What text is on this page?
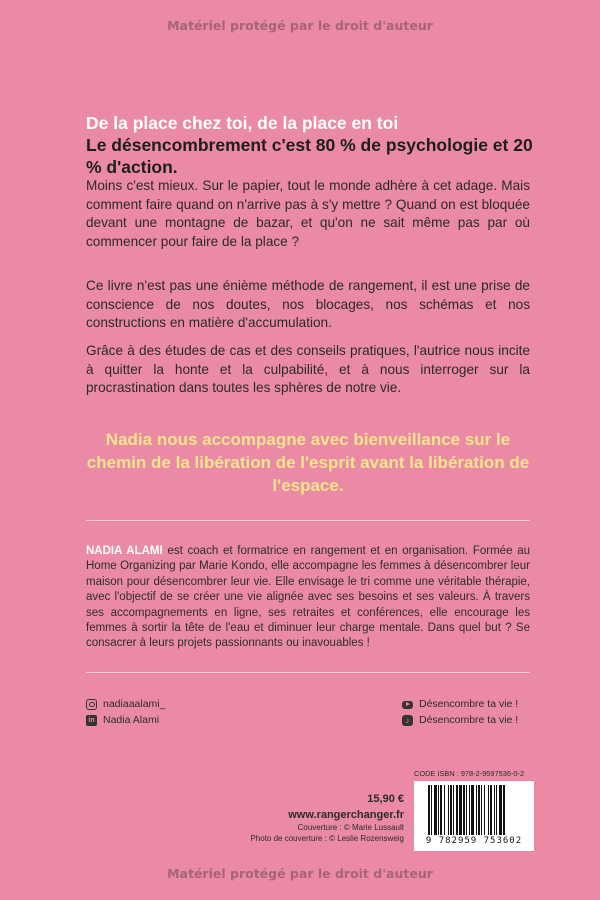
Matériel protégé par le droit d'auteur
De la place chez toi, de la place en toi
Le désencombrement c'est 80 % de psychologie et 20 % d'action.
Moins c'est mieux. Sur le papier, tout le monde adhère à cet adage. Mais comment faire quand on n'arrive pas à s'y mettre ? Quand on est bloquée devant une montagne de bazar, et qu'on ne sait même pas par où commencer pour faire de la place ?
Ce livre n'est pas une énième méthode de rangement, il est une prise de conscience de nos doutes, nos blocages, nos schémas et nos constructions en matière d'accumulation.
Grâce à des études de cas et des conseils pratiques, l'autrice nous incite à quitter la honte et la culpabilité, et à nous interroger sur la procrastination dans toutes les sphères de notre vie.
Nadia nous accompagne avec bienveillance sur le chemin de la libération de l'esprit avant la libération de l'espace.
NADIA ALAMI est coach et formatrice en rangement et en organisation. Formée au Home Organizing par Marie Kondo, elle accompagne les femmes à désencombrer leur maison pour désencombrer leur vie. Elle envisage le tri comme une véritable thérapie, avec l'objectif de se créer une vie alignée avec ses besoins et ses valeurs. À travers ses accompagnements en ligne, ses retraites et conférences, elle encourage les femmes à sortir la tête de l'eau et diminuer leur charge mentale. Dans quel but ? Se consacrer à leurs projets passionnants ou inavouables !
nadiaaalami_
in Nadia Alami
Désencombre ta vie !
♪ Désencombre ta vie !
15,90 €
www.rangerchanger.fr
Couverture : © Marie Lussault
Photo de couverture : © Leslie Rozensweig
CODE ISBN : 978-2-9597536-0-2
9 782959 753602
Matériel protégé par le droit d'auteur
